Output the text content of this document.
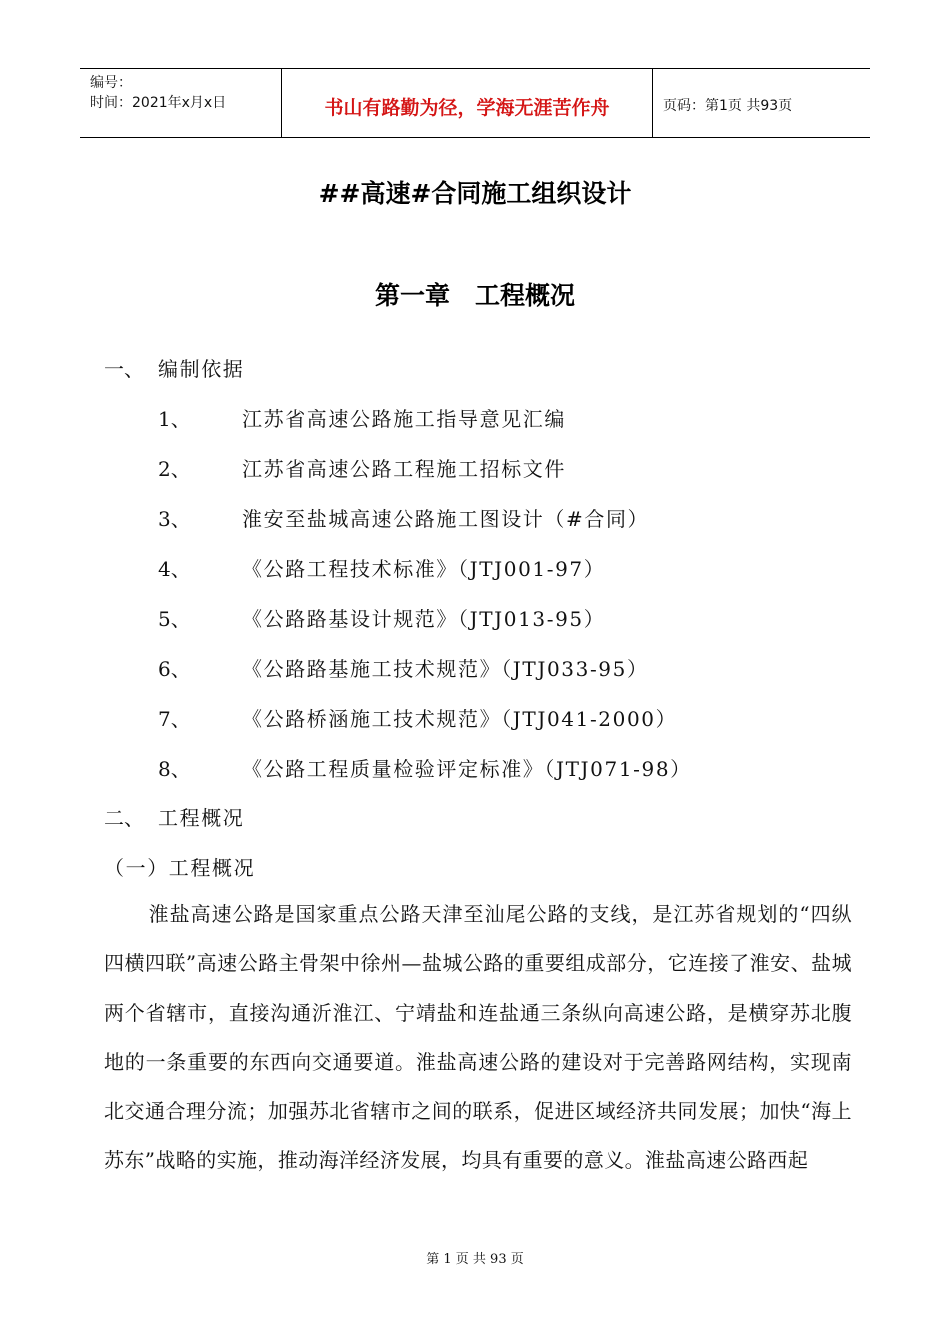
编号：
时间：2021年x月x日	书山有路勤为径，学海无涯苦作舟	页码：第1页 共93页
##高速#合同施工组织设计
第一章　工程概况
一、 编制依据
1、	江苏省高速公路施工指导意见汇编
2、	江苏省高速公路工程施工招标文件
3、	淮安至盐城高速公路施工图设计（#合同）
4、	《公路工程技术标准》（JTJ001-97）
5、	《公路路基设计规范》（JTJ013-95）
6、	《公路路基施工技术规范》（JTJ033-95）
7、	《公路桥涵施工技术规范》（JTJ041-2000）
8、	《公路工程质量检验评定标准》（JTJ071-98）
二、 工程概况
（一）工程概况
淮盐高速公路是国家重点公路天津至汕尾公路的支线，是江苏省规划的“四纵四横四联”高速公路主骨架中徐州—盐城公路的重要组成部分，它连接了淮安、盐城两个省辖市，直接沟通沂淮江、宁靖盐和连盐通三条纵向高速公路，是横穿苏北腹地的一条重要的东西向交通要道。淮盐高速公路的建设对于完善路网结构，实现南北交通合理分流；加强苏北省辖市之间的联系，促进区域经济共同发展；加快“海上苏东”战略的实施，推动海洋经济发展，均具有重要的意义。淮盐高速公路西起
第 1 页 共 93 页
